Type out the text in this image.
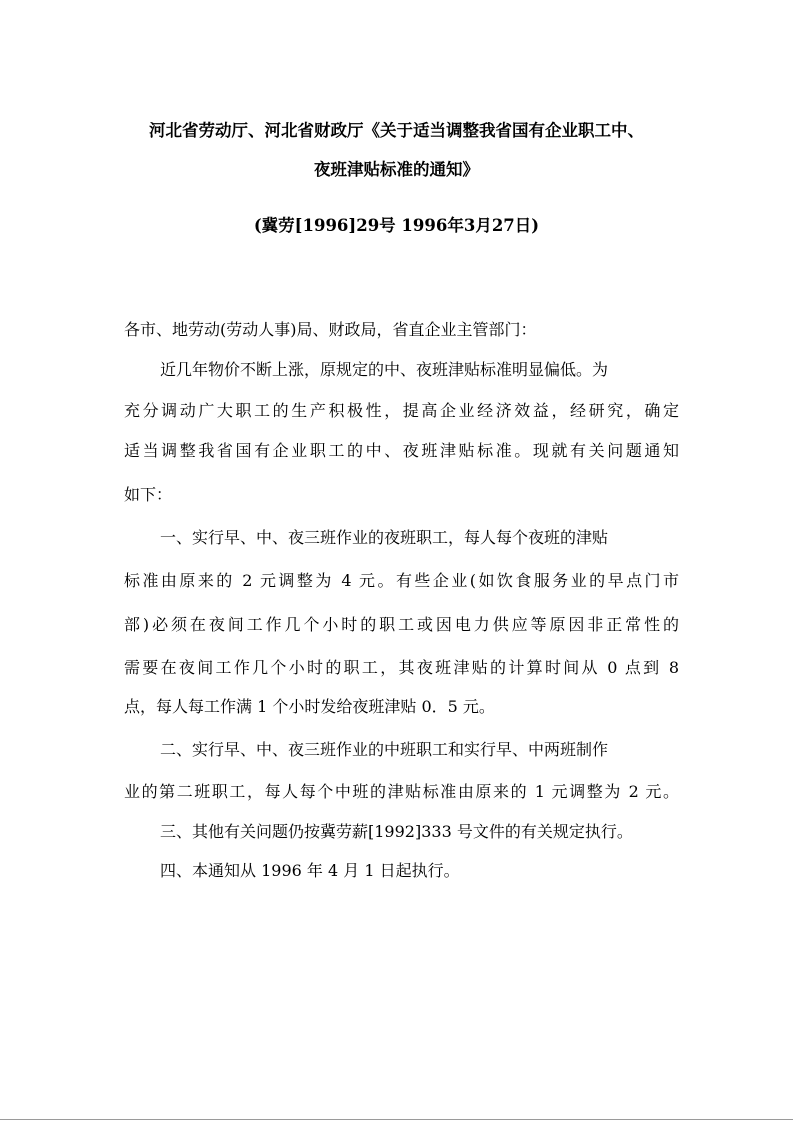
河北省劳动厅、河北省财政厅《关于适当调整我省国有企业职工中、
夜班津贴标准的通知》
(冀劳[1996]29号 1996年3月27日)
各市、地劳动(劳动人事)局、财政局，省直企业主管部门：
近几年物价不断上涨，原规定的中、夜班津贴标准明显偏低。为
充分调动广大职工的生产积极性，提高企业经济效益，经研究，确定
适当调整我省国有企业职工的中、夜班津贴标准。现就有关问题通知
如下：
一、实行早、中、夜三班作业的夜班职工，每人每个夜班的津贴
标准由原来的 2 元调整为 4 元。有些企业(如饮食服务业的早点门市
部)必须在夜间工作几个小时的职工或因电力供应等原因非正常性的
需要在夜间工作几个小时的职工，其夜班津贴的计算时间从 0 点到 8
点，每人每工作满 1 个小时发给夜班津贴 0．5 元。
二、实行早、中、夜三班作业的中班职工和实行早、中两班制作
业的第二班职工，每人每个中班的津贴标准由原来的 1 元调整为 2 元。
三、其他有关问题仍按冀劳薪[1992]333 号文件的有关规定执行。
四、本通知从 1996 年 4 月 1 日起执行。
